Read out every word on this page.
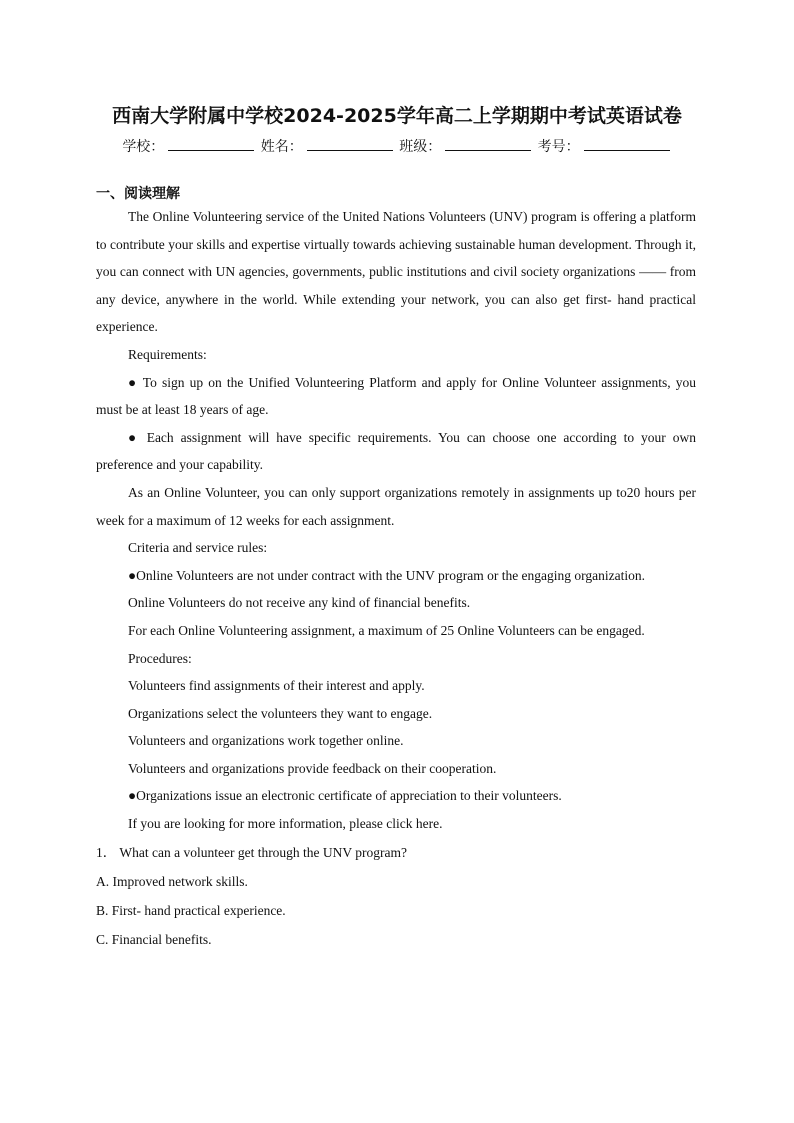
西南大学附属中学校2024-2025学年高二上学期期中考试英语试卷
学校：	姓名：	班级：	考号：
一、阅读理解

The Online Volunteering service of the United Nations Volunteers (UNV) program is offering a platform to contribute your skills and expertise virtually towards achieving sustainable human development. Through it, you can connect with UN agencies, governments, public institutions and civil society organizations —— from any device, anywhere in the world. While extending your network, you can also get first- hand practical experience.

Requirements:

● To sign up on the Unified Volunteering Platform and apply for Online Volunteer assignments, you must be at least 18 years of age.

● Each assignment will have specific requirements. You can choose one according to your own preference and your capability.

As an Online Volunteer, you can only support organizations remotely in assignments up to20 hours per week for a maximum of 12 weeks for each assignment.

Criteria and service rules:

●Online Volunteers are not under contract with the UNV program or the engaging organization.

Online Volunteers do not receive any kind of financial benefits.

For each Online Volunteering assignment, a maximum of 25 Online Volunteers can be engaged.

Procedures:

Volunteers find assignments of their interest and apply.

Organizations select the volunteers they want to engage.

Volunteers and organizations work together online.

Volunteers and organizations provide feedback on their cooperation.

●Organizations issue an electronic certificate of appreciation to their volunteers.

If you are looking for more information, please click here.

1． What can a volunteer get through the UNV program?

A. Improved network skills.

B. First- hand practical experience.

C. Financial benefits.
